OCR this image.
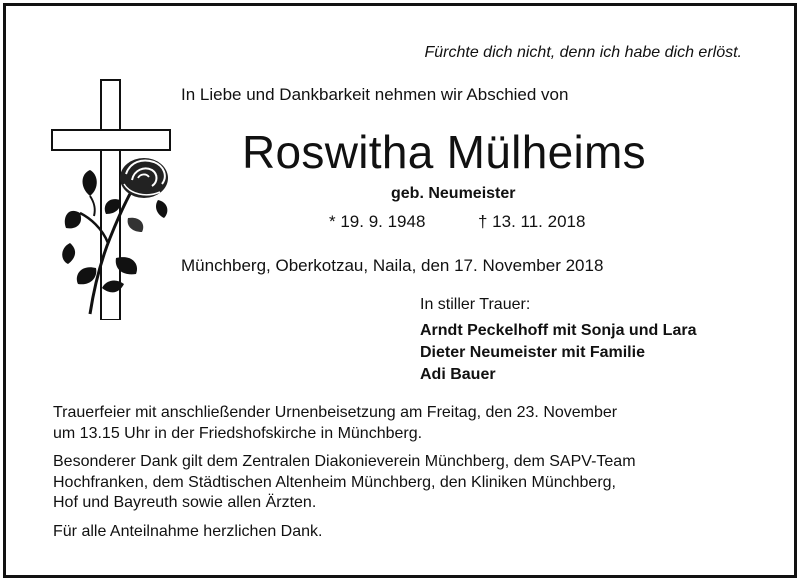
Fürchte dich nicht, denn ich habe dich erlöst.
In Liebe und Dankbarkeit nehmen wir Abschied von
Roswitha Mülheims
geb. Neumeister
* 19. 9. 1948	† 13. 11. 2018
Münchberg, Oberkotzau, Naila, den 17. November 2018
In stiller Trauer:
Arndt Peckelhoff mit Sonja und Lara
Dieter Neumeister mit Familie
Adi Bauer
Trauerfeier mit anschließender Urnenbeisetzung am Freitag, den 23. November
um 13.15 Uhr in der Friedshofskirche in Münchberg.
Besonderer Dank gilt dem Zentralen Diakonieverein Münchberg, dem SAPV-Team
Hochfranken, dem Städtischen Altenheim Münchberg, den Kliniken Münchberg,
Hof und Bayreuth sowie allen Ärzten.
Für alle Anteilnahme herzlichen Dank.
